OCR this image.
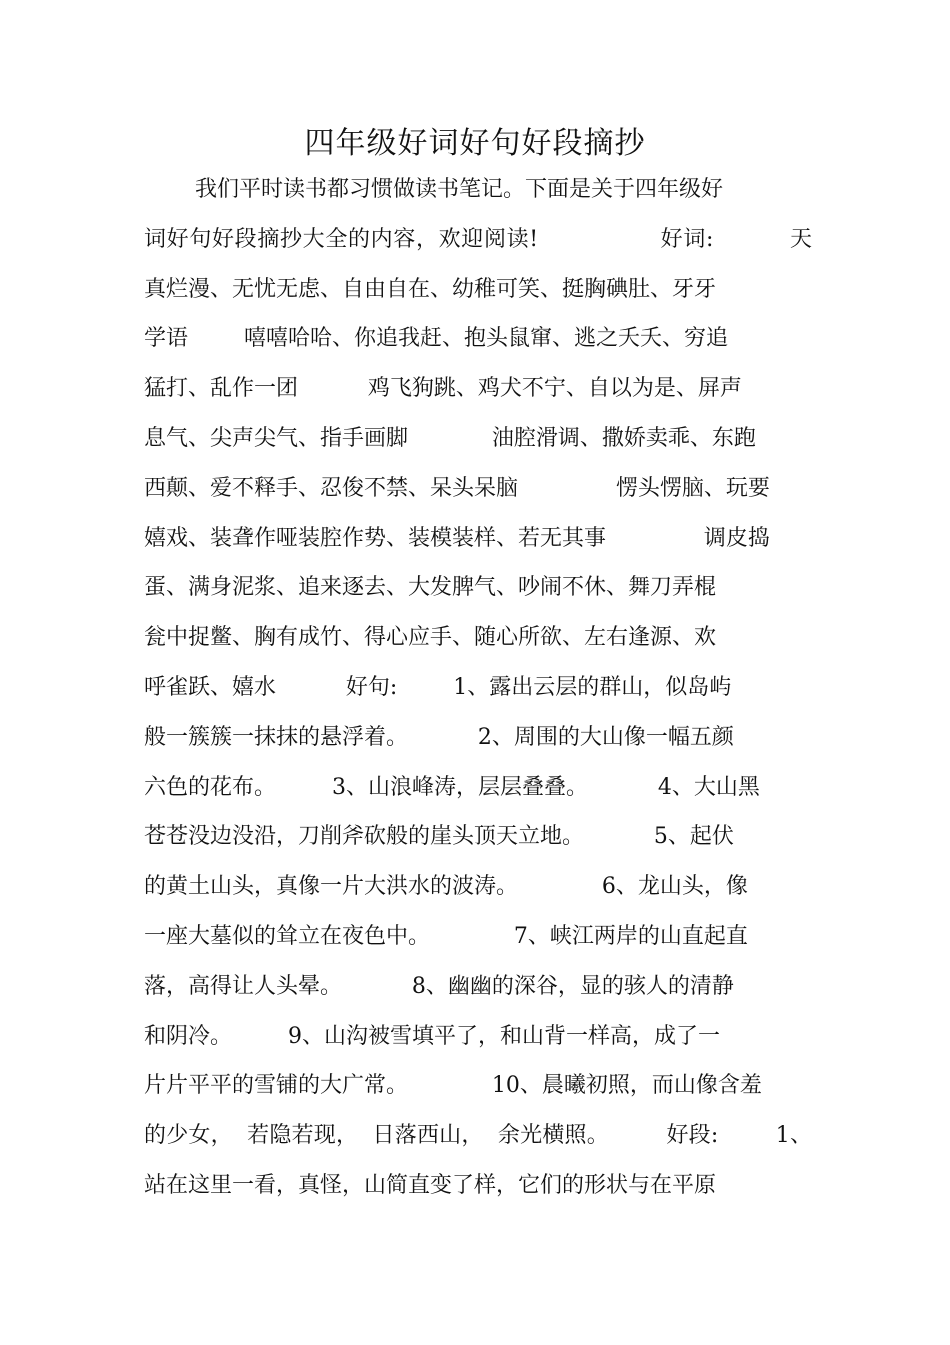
四年级好词好句好段摘抄
我们平时读书都习惯做读书笔记。下面是关于四年级好
词好句好段摘抄大全的内容，欢迎阅读!                好词:          天
真烂漫、无忧无虑、自由自在、幼稚可笑、挺胸碘肚、牙牙
学语        嘻嘻哈哈、你追我赶、抱头鼠窜、逃之夭夭、穷追
猛打、乱作一团          鸡飞狗跳、鸡犬不宁、自以为是、屏声
息气、尖声尖气、指手画脚            油腔滑调、撒娇卖乖、东跑
西颠、爱不释手、忍俊不禁、呆头呆脑              愣头愣脑、玩要
嬉戏、装聋作哑装腔作势、装模装样、若无其事              调皮捣
蛋、满身泥浆、追来逐去、大发脾气、吵闹不休、舞刀弄棍
瓮中捉鳖、胸有成竹、得心应手、随心所欲、左右逢源、欢
呼雀跃、嬉水          好句:        1、露出云层的群山，似岛屿
般一簇簇一抹抹的悬浮着。          2、周围的大山像一幅五颜
六色的花布。        3、山浪峰涛，层层叠叠。          4、大山黑
苍苍没边没沿，刀削斧砍般的崖头顶天立地。          5、起伏
的黄土山头，真像一片大洪水的波涛。            6、龙山头，像
一座大墓似的耸立在夜色中。            7、峡江两岸的山直起直
落，高得让人头晕。          8、幽幽的深谷，显的骇人的清静
和阴冷。        9、山沟被雪填平了，和山背一样高，成了一
片片平平的雪铺的大广常。            10、晨曦初照，而山像含羞
的少女，  若隐若现，  日落西山，  余光横照。        好段:        1、
站在这里一看，真怪，山简直变了样，它们的形状与在平原
